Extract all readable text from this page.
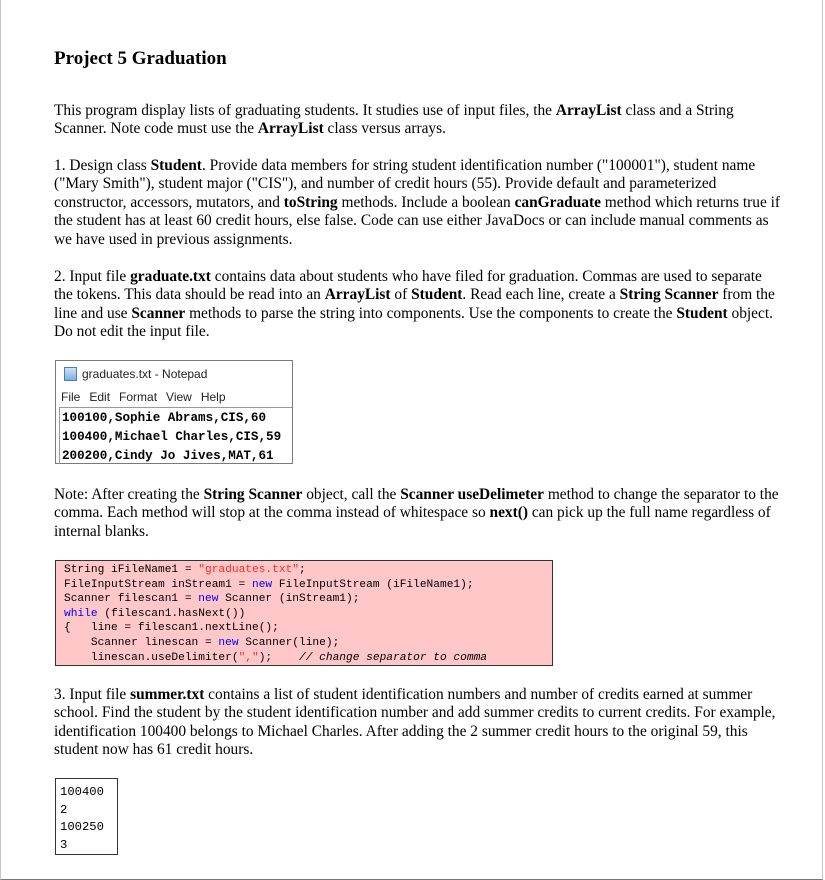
Project 5 Graduation

This program display lists of graduating students. It studies use of input files, the ArrayList class and a String Scanner. Note code must use the ArrayList class versus arrays.

1. Design class Student. Provide data members for string student identification number ("100001"), student name ("Mary Smith"), student major ("CIS"), and number of credit hours (55). Provide default and parameterized constructor, accessors, mutators, and toString methods. Include a boolean canGraduate method which returns true if the student has at least 60 credit hours, else false. Code can use either JavaDocs or can include manual comments as we have used in previous assignments.

2. Input file graduate.txt contains data about students who have filed for graduation. Commas are used to separate the tokens. This data should be read into an ArrayList of Student. Read each line, create a String Scanner from the line and use Scanner methods to parse the string into components. Use the components to create the Student object. Do not edit the input file.

graduates.txt - Notepad
File Edit Format View Help
100100,Sophie Abrams,CIS,60
100400,Michael Charles,CIS,59
200200,Cindy Jo Jives,MAT,61

Note: After creating the String Scanner object, call the Scanner useDelimeter method to change the separator to the comma. Each method will stop at the comma instead of whitespace so next() can pick up the full name regardless of internal blanks.

String iFileName1 = "graduates.txt";
FileInputStream inStream1 = new FileInputStream (iFileName1);
Scanner filescan1 = new Scanner (inStream1);
while (filescan1.hasNext())
{   line = filescan1.nextLine();
Scanner linescan = new Scanner(line);
linescan.useDelimiter(",");    // change separator to comma

3. Input file summer.txt contains a list of student identification numbers and number of credits earned at summer school. Find the student by the student identification number and add summer credits to current credits. For example, identification 100400 belongs to Michael Charles. After adding the 2 summer credit hours to the original 59, this student now has 61 credit hours.

100400
2
100250
3
